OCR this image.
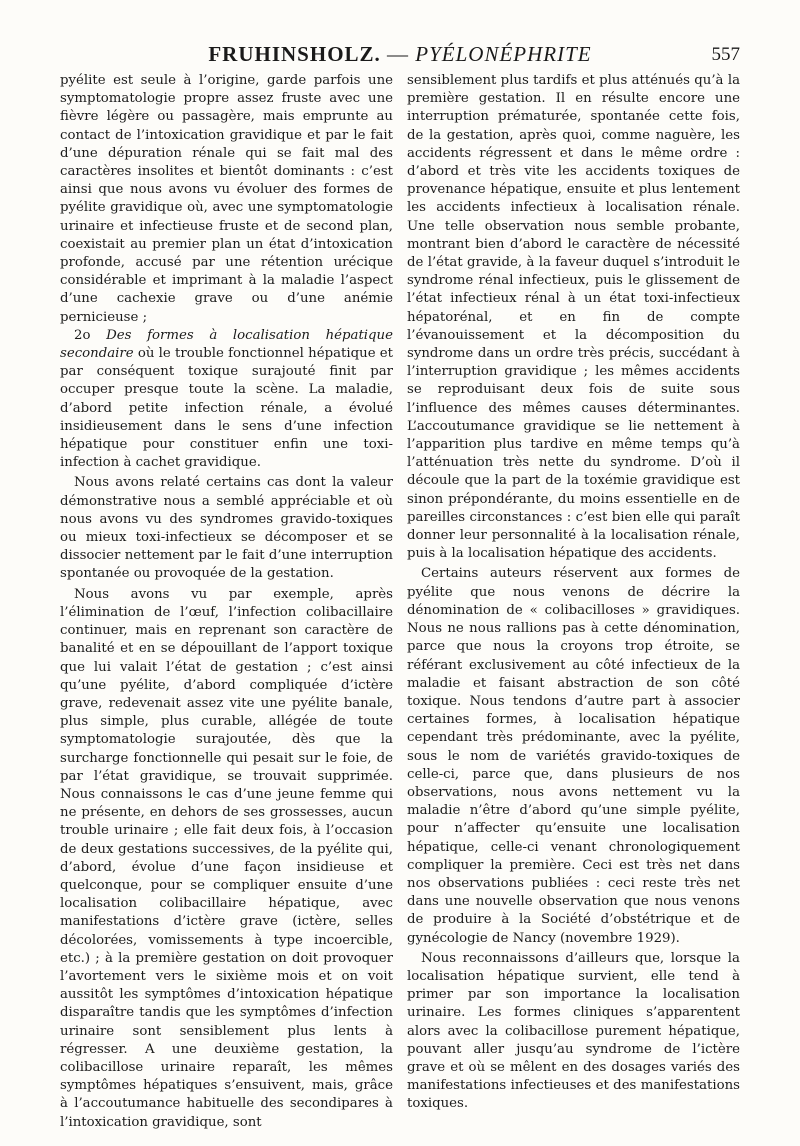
FRUHINSHOLZ. — PYÉLONÉPHRITE	557

pyélite est seule à l’origine, garde parfois une symptomatologie propre assez fruste avec une fièvre légère ou passagère, mais emprunte au contact de l’intoxication gravidique et par le fait d’une dépuration rénale qui se fait mal des caractères insolites et bientôt dominants : c’est ainsi que nous avons vu évoluer des formes de pyélite gravidique où, avec une symptomatologie urinaire et infectieuse fruste et de second plan, coexistait au premier plan un état d’intoxication profonde, accusé par une rétention urécique considérable et imprimant à la maladie l’aspect d’une cachexie grave ou d’une anémie pernicieuse ;

2o Des formes à localisation hépatique secondaire où le trouble fonctionnel hépatique et par conséquent toxique surajouté finit par occuper presque toute la scène. La maladie, d’abord petite infection rénale, a évolué insidieusement dans le sens d’une infection hépatique pour constituer enfin une toxi-infection à cachet gravidique.

Nous avons relaté certains cas dont la valeur démonstrative nous a semblé appréciable et où nous avons vu des syndromes gravido-toxiques ou mieux toxi-infectieux se décomposer et se dissocier nettement par le fait d’une interruption spontanée ou provoquée de la gestation.

Nous avons vu par exemple, après l’élimination de l’œuf, l’infection colibacillaire continuer, mais en reprenant son caractère de banalité et en se dépouillant de l’apport toxique que lui valait l’état de gestation ; c’est ainsi qu’une pyélite, d’abord compliquée d’ictère grave, redevenait assez vite une pyélite banale, plus simple, plus curable, allégée de toute symptomatologie surajoutée, dès que la surcharge fonctionnelle qui pesait sur le foie, de par l’état gravidique, se trouvait supprimée. Nous connaissons le cas d’une jeune femme qui ne présente, en dehors de ses grossesses, aucun trouble urinaire ; elle fait deux fois, à l’occasion de deux gestations successives, de la pyélite qui, d’abord, évolue d’une façon insidieuse et quelconque, pour se compliquer ensuite d’une localisation colibacillaire hépatique, avec manifestations d’ictère grave (ictère, selles décolorées, vomissements à type incoercible, etc.) ; à la première gestation on doit provoquer l’avortement vers le sixième mois et on voit aussitôt les symptômes d’intoxication hépatique disparaître tandis que les symptômes d’infection urinaire sont sensiblement plus lents à régresser. A une deuxième gestation, la colibacillose urinaire reparaît, les mêmes symptômes hépatiques s’ensuivent, mais, grâce à l’accoutumance habituelle des secondipares à l’intoxication gravidique, sont

sensiblement plus tardifs et plus atténués qu’à la première gestation. Il en résulte encore une interruption prématurée, spontanée cette fois, de la gestation, après quoi, comme naguère, les accidents régressent et dans le même ordre : d’abord et très vite les accidents toxiques de provenance hépatique, ensuite et plus lentement les accidents infectieux à localisation rénale. Une telle observation nous semble probante, montrant bien d’abord le caractère de nécessité de l’état gravide, à la faveur duquel s’introduit le syndrome rénal infectieux, puis le glissement de l’état infectieux rénal à un état toxi-infectieux hépatorénal, et en fin de compte l’évanouissement et la décomposition du syndrome dans un ordre très précis, succédant à l’interruption gravidique ; les mêmes accidents se reproduisant deux fois de suite sous l’influence des mêmes causes déterminantes. L’accoutumance gravidique se lie nettement à l’apparition plus tardive en même temps qu’à l’atténuation très nette du syndrome. D’où il découle que la part de la toxémie gravidique est sinon prépondérante, du moins essentielle en de pareilles circonstances : c’est bien elle qui paraît donner leur personnalité à la localisation rénale, puis à la localisation hépatique des accidents.

Certains auteurs réservent aux formes de pyélite que nous venons de décrire la dénomination de « colibacilloses » gravidiques. Nous ne nous rallions pas à cette dénomination, parce que nous la croyons trop étroite, se référant exclusivement au côté infectieux de la maladie et faisant abstraction de son côté toxique. Nous tendons d’autre part à associer certaines formes, à localisation hépatique cependant très prédominante, avec la pyélite, sous le nom de variétés gravido-toxiques de celle-ci, parce que, dans plusieurs de nos observations, nous avons nettement vu la maladie n’être d’abord qu’une simple pyélite, pour n’affecter qu’ensuite une localisation hépatique, celle-ci venant chronologiquement compliquer la première. Ceci est très net dans nos observations publiées : ceci reste très net dans une nouvelle observation que nous venons de produire à la Société d’obstétrique et de gynécologie de Nancy (novembre 1929).

Nous reconnaissons d’ailleurs que, lorsque la localisation hépatique survient, elle tend à primer par son importance la localisation urinaire. Les formes cliniques s’apparentent alors avec la colibacillose purement hépatique, pouvant aller jusqu’au syndrome de l’ictère grave et où se mêlent en des dosages variés des manifestations infectieuses et des manifestations toxiques.
